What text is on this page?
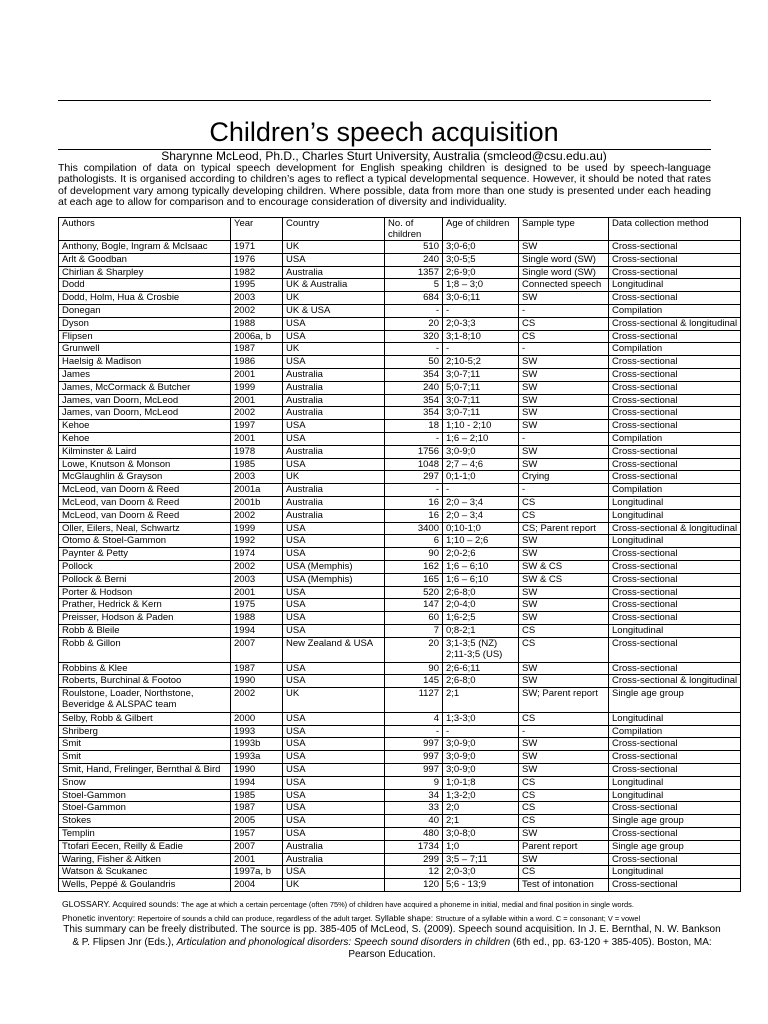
Children’s speech acquisition
Sharynne McLeod, Ph.D., Charles Sturt University, Australia (smcleod@csu.edu.au)

This compilation of data on typical speech development for English speaking children is designed to be used by speech-language pathologists. It is organised according to children’s ages to reflect a typical developmental sequence. However, it should be noted that rates of development vary among typically developing children. Where possible, data from more than one study is presented under each heading at each age to allow for comparison and to encourage consideration of diversity and individuality.

Authors	Year	Country	No. of children	Age of children	Sample type	Data collection method
Anthony, Bogle, Ingram & McIsaac	1971	UK	510	3;0-6;0	SW	Cross-sectional
Arlt & Goodban	1976	USA	240	3;0-5;5	Single word (SW)	Cross-sectional
Chirlian & Sharpley	1982	Australia	1357	2;6-9;0	Single word (SW)	Cross-sectional
Dodd	1995	UK & Australia	5	1;8 – 3;0	Connected speech	Longitudinal
Dodd, Holm, Hua & Crosbie	2003	UK	684	3;0-6;11	SW	Cross-sectional
Donegan	2002	UK & USA	-	-	-	Compilation
Dyson	1988	USA	20	2;0-3;3	CS	Cross-sectional & longitudinal
Flipsen	2006a, b	USA	320	3;1-8;10	CS	Cross-sectional
Grunwell	1987	UK	-	-	-	Compilation
Haelsig & Madison	1986	USA	50	2;10-5;2	SW	Cross-sectional
James	2001	Australia	354	3;0-7;11	SW	Cross-sectional
James, McCormack & Butcher	1999	Australia	240	5;0-7;11	SW	Cross-sectional
James, van Doorn, McLeod	2001	Australia	354	3;0-7;11	SW	Cross-sectional
James, van Doorn, McLeod	2002	Australia	354	3;0-7;11	SW	Cross-sectional
Kehoe	1997	USA	18	1;10 - 2;10	SW	Cross-sectional
Kehoe	2001	USA	-	1;6 – 2;10	-	Compilation
Kilminster & Laird	1978	Australia	1756	3;0-9;0	SW	Cross-sectional
Lowe, Knutson & Monson	1985	USA	1048	2;7 – 4;6	SW	Cross-sectional
McGlaughlin & Grayson	2003	UK	297	0;1-1;0	Crying	Cross-sectional
McLeod, van Doorn & Reed	2001a	Australia	-	-	-	Compilation
McLeod, van Doorn & Reed	2001b	Australia	16	2;0 – 3;4	CS	Longitudinal
McLeod, van Doorn & Reed	2002	Australia	16	2;0 – 3;4	CS	Longitudinal
Oller, Eilers, Neal, Schwartz	1999	USA	3400	0;10-1;0	CS; Parent report	Cross-sectional & longitudinal
Otomo & Stoel-Gammon	1992	USA	6	1;10 – 2;6	SW	Longitudinal
Paynter & Petty	1974	USA	90	2;0-2;6	SW	Cross-sectional
Pollock	2002	USA (Memphis)	162	1;6 – 6;10	SW & CS	Cross-sectional
Pollock & Berni	2003	USA (Memphis)	165	1;6 – 6;10	SW & CS	Cross-sectional
Porter & Hodson	2001	USA	520	2;6-8;0	SW	Cross-sectional
Prather, Hedrick & Kern	1975	USA	147	2;0-4;0	SW	Cross-sectional
Preisser, Hodson & Paden	1988	USA	60	1;6-2;5	SW	Cross-sectional
Robb & Bleile	1994	USA	7	0;8-2;1	CS	Longitudinal
Robb & Gillon	2007	New Zealand & USA	20	3;1-3;5 (NZ) 2;11-3;5 (US)	CS	Cross-sectional
Robbins & Klee	1987	USA	90	2;6-6;11	SW	Cross-sectional
Roberts, Burchinal & Footoo	1990	USA	145	2;6-8;0	SW	Cross-sectional & longitudinal
Roulstone, Loader, Northstone, Beveridge & ALSPAC team	2002	UK	1127	2;1	SW; Parent report	Single age group
Selby, Robb & Gilbert	2000	USA	4	1;3-3;0	CS	Longitudinal
Shriberg	1993	USA	-	-	-	Compilation
Smit	1993b	USA	997	3;0-9;0	SW	Cross-sectional
Smit	1993a	USA	997	3;0-9;0	SW	Cross-sectional
Smit, Hand, Frelinger, Bernthal & Bird	1990	USA	997	3;0-9;0	SW	Cross-sectional
Snow	1994	USA	9	1;0-1;8	CS	Longitudinal
Stoel-Gammon	1985	USA	34	1;3-2;0	CS	Longitudinal
Stoel-Gammon	1987	USA	33	2;0	CS	Cross-sectional
Stokes	2005	USA	40	2;1	CS	Single age group
Templin	1957	USA	480	3;0-8;0	SW	Cross-sectional
Ttofari Eecen, Reilly & Eadie	2007	Australia	1734	1;0	Parent report	Single age group
Waring, Fisher & Aitken	2001	Australia	299	3;5 – 7;11	SW	Cross-sectional
Watson & Scukanec	1997a, b	USA	12	2;0-3;0	CS	Longitudinal
Wells, Peppé & Goulandris	2004	UK	120	5;6 - 13;9	Test of intonation	Cross-sectional

GLOSSARY. Acquired sounds: The age at which a certain percentage (often 75%) of children have acquired a phoneme in initial, medial and final position in single words.
Phonetic inventory: Repertoire of sounds a child can produce, regardless of the adult target. Syllable shape: Structure of a syllable within a word. C = consonant; V = vowel

This summary can be freely distributed. The source is pp. 385-405 of McLeod, S. (2009). Speech sound acquisition. In J. E. Bernthal, N. W. Bankson & P. Flipsen Jnr (Eds.), Articulation and phonological disorders: Speech sound disorders in children (6th ed., pp. 63-120 + 385-405). Boston, MA: Pearson Education.
